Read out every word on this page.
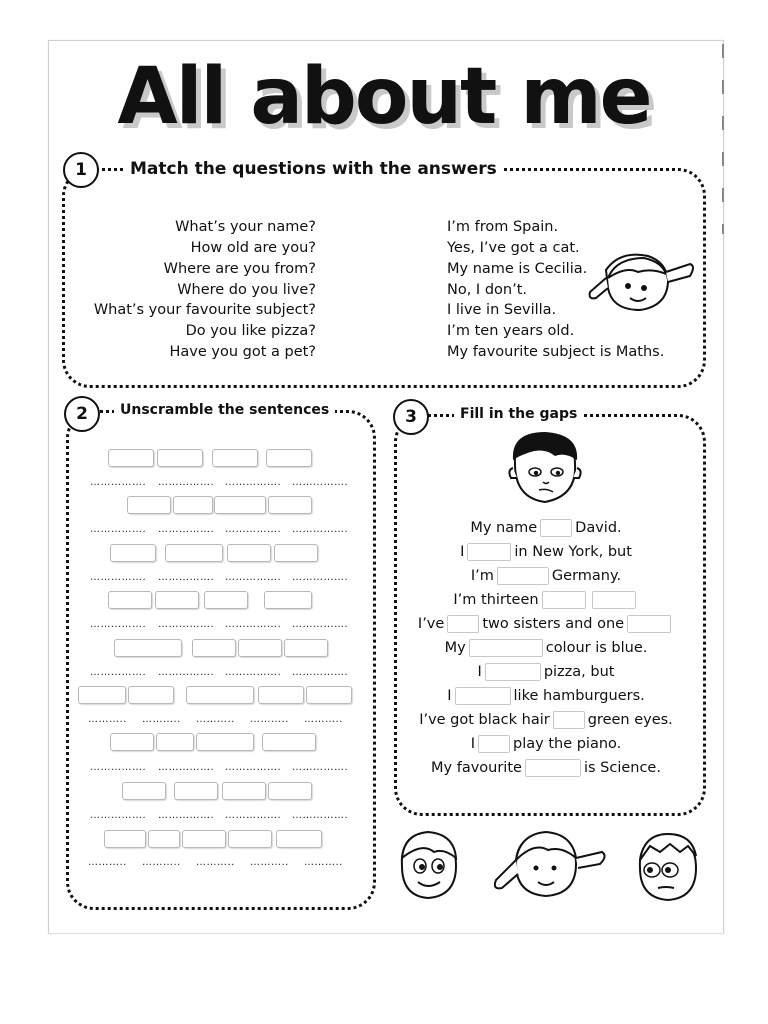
All about me
1	Match the questions with the answers
What’s your name?
How old are you?
Where are you from?
Where do you live?
What’s your favourite subject?
Do you like pizza?
Have you got a pet?
I’m from Spain.
Yes, I’ve got a cat.
My name is Cecilia.
No, I don’t.
I live in Sevilla.
I’m ten years old.
My favourite subject is Maths.
2	Unscramble the sentences
……………. ……………. ……………. …………….
……………. ……………. ……………. …………….
……………. ……………. ……………. …………….
……………. ……………. ……………. …………….
……………. ……………. ……………. …………….
……….. ……….. ……….. ……….. ………..
……………. ……………. ……………. …………….
……………. ……………. ……………. …………….
……….. ……….. ……….. ……….. ………..
3	Fill in the gaps
My name	David.
I	in New York, but
I’m	Germany.
I’m thirteen
I’ve	two sisters and one
My	colour is blue.
I	pizza, but
I	like hamburguers.
I’ve got black hair	green eyes.
I	play the piano.
My favourite	is Science.
